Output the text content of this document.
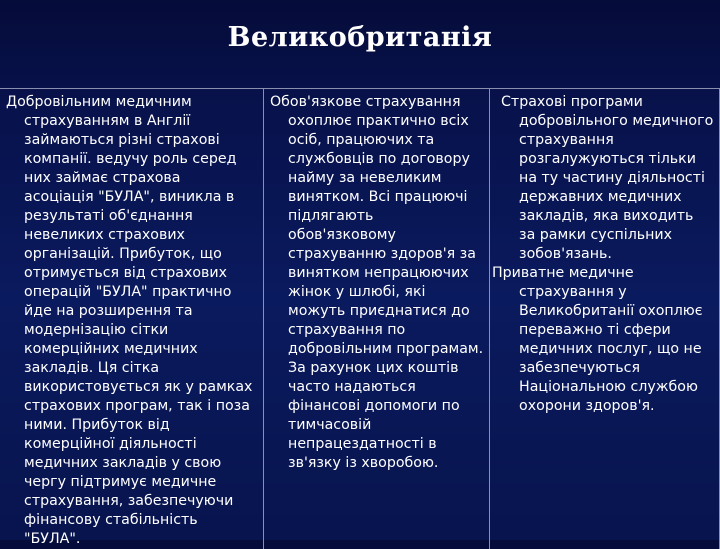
Великобританія
Добровільним медичним
страхуванням в Англії
займаються різні страхові
компанії. ведучу роль серед
них займає страхова
асоціація "БУЛА", виникла в
результаті об'єднання
невеликих страхових
організацій. Прибуток, що
отримується від страхових
операцій "БУЛА" практично
йде на розширення та
модернізацію сітки
комерційних медичних
закладів. Ця сітка
використовується як у рамках
страхових програм, так і поза
ними. Прибуток від
комерційної діяльності
медичних закладів у свою
чергу підтримує медичне
страхування, забезпечуючи
фінансову стабільність
"БУЛА".
Обов'язкове страхування
охоплює практично всіх
осіб, працюючих та
службовців по договору
найму за невеликим
винятком. Всі працюючі
підлягають
обов'язковому
страхуванню здоров'я за
винятком непрацюючих
жінок у шлюбі, які
можуть приєднатися до
страхування по
добровільним програмам.
За рахунок цих коштів
часто надаються
фінансові допомоги по
тимчасовій
непрацездатності в
зв'язку із хворобою.
Страхові програми
добровільного медичного
страхування
розгалужуються тільки
на ту частину діяльності
державних медичних
закладів, яка виходить
за рамки суспільних
зобов'язань.
Приватне медичне
страхування у
Великобританії охоплює
переважно ті сфери
медичних послуг, що не
забезпечуються
Національною службою
охорони здоров'я.
